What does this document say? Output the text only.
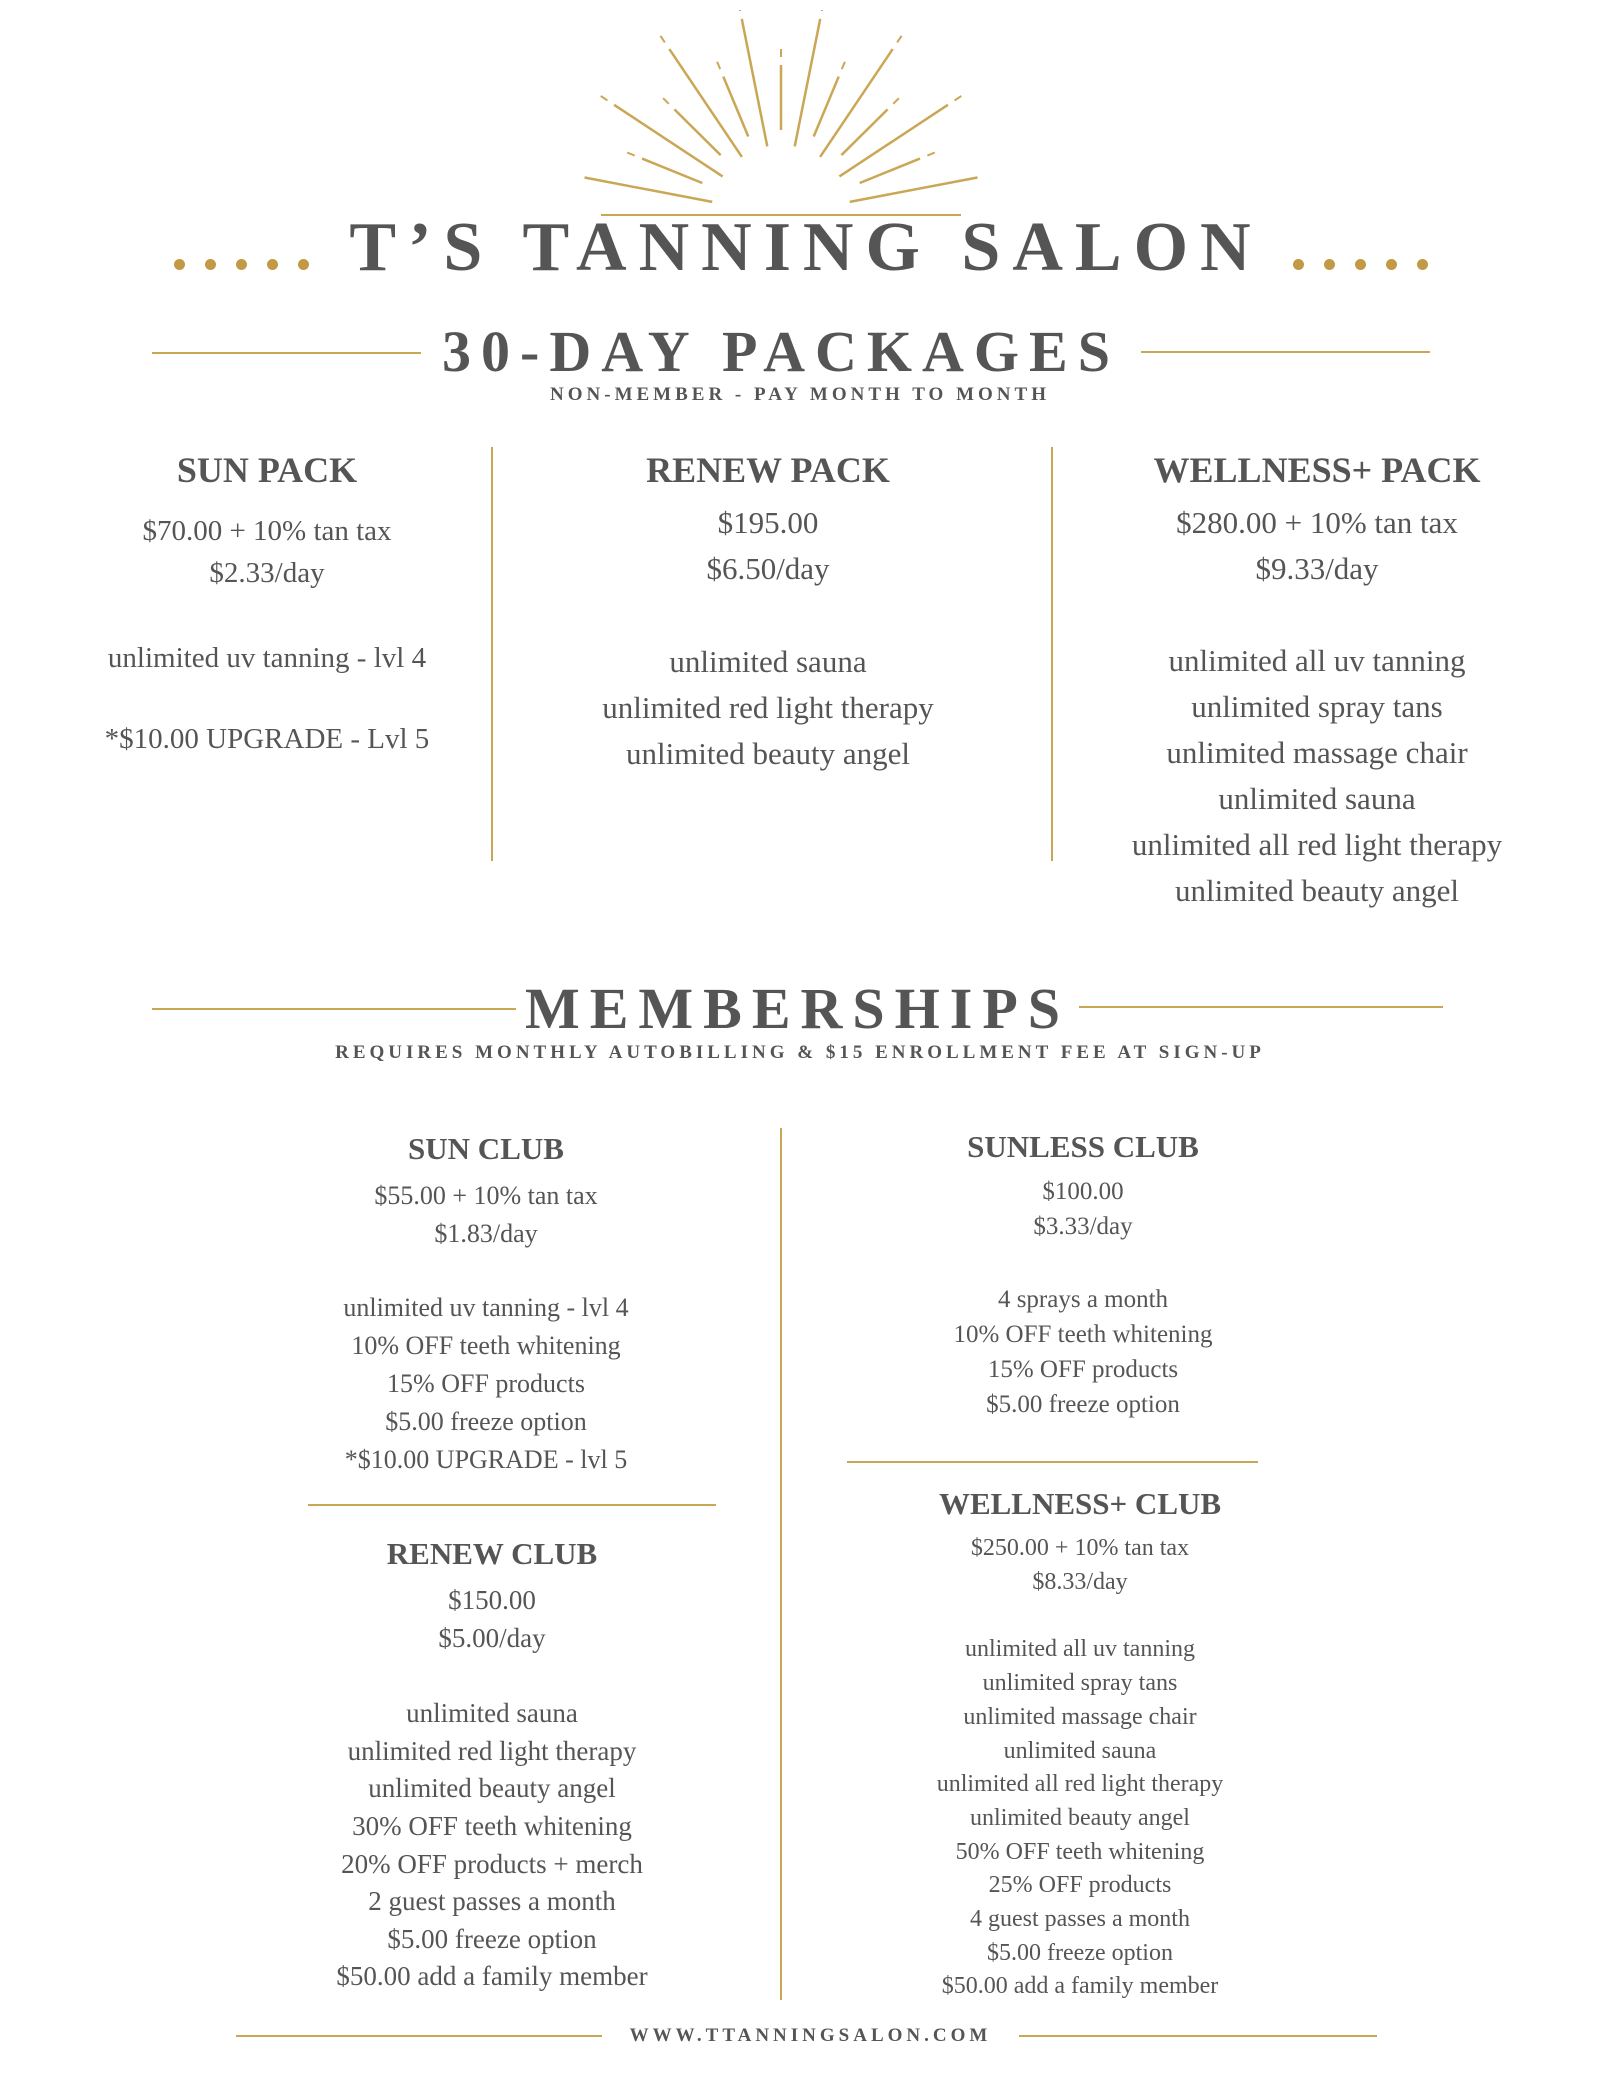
T’S TANNING SALON
30-DAY PACKAGES
NON-MEMBER - PAY MONTH TO MONTH
SUN PACK
$70.00 + 10% tan tax
$2.33/day
unlimited uv tanning - lvl 4
*$10.00 UPGRADE - Lvl 5
RENEW PACK
$195.00
$6.50/day
unlimited sauna
unlimited red light therapy
unlimited beauty angel
WELLNESS+ PACK
$280.00 + 10% tan tax
$9.33/day
unlimited all uv tanning
unlimited spray tans
unlimited massage chair
unlimited sauna
unlimited all red light therapy
unlimited beauty angel
MEMBERSHIPS
REQUIRES MONTHLY AUTOBILLING & $15 ENROLLMENT FEE AT SIGN-UP
SUN CLUB
$55.00 + 10% tan tax
$1.83/day
unlimited uv tanning - lvl 4
10% OFF teeth whitening
15% OFF products
$5.00 freeze option
*$10.00 UPGRADE - lvl 5
RENEW CLUB
$150.00
$5.00/day
unlimited sauna
unlimited red light therapy
unlimited beauty angel
30% OFF teeth whitening
20% OFF products + merch
2 guest passes a month
$5.00 freeze option
$50.00 add a family member
SUNLESS CLUB
$100.00
$3.33/day
4 sprays a month
10% OFF teeth whitening
15% OFF products
$5.00 freeze option
WELLNESS+ CLUB
$250.00 + 10% tan tax
$8.33/day
unlimited all uv tanning
unlimited spray tans
unlimited massage chair
unlimited sauna
unlimited all red light therapy
unlimited beauty angel
50% OFF teeth whitening
25% OFF products
4 guest passes a month
$5.00 freeze option
$50.00 add a family member
WWW.TTANNINGSALON.COM
